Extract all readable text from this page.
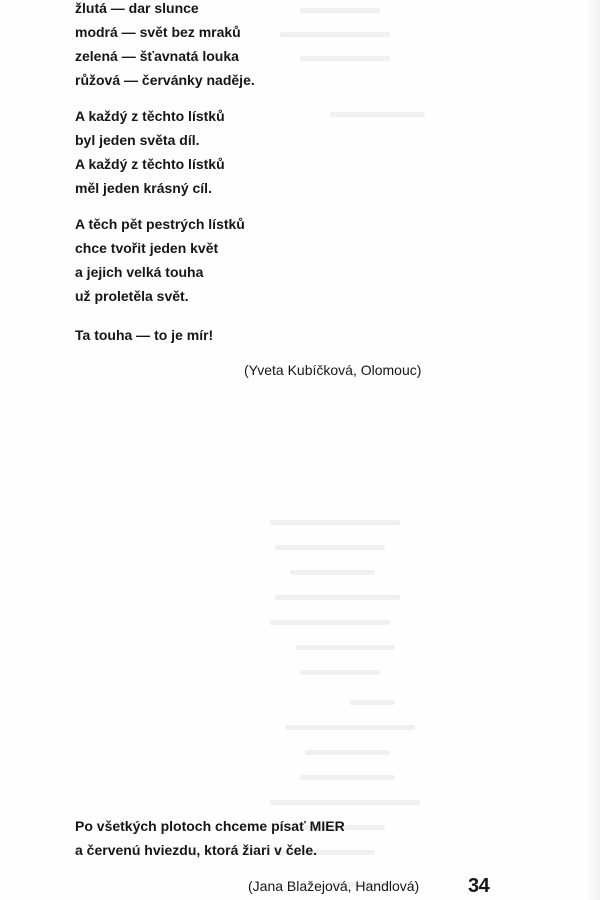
žlutá — dar slunce
modrá — svět bez mraků
zelená — šťavnatá louka
růžová — červánky naděje.
A každý z těchto lístků
byl jeden světa díl.
A každý z těchto lístků
měl jeden krásný cíl.
A těch pět pestrých lístků
chce tvořit jeden květ
a jejich velká touha
už proletěla svět.
Ta touha — to je mír!
(Yveta Kubíčková, Olomouc)
Po všetkých plotoch chceme písať MIER
a červenú hviezdu, ktorá žiari v čele.
(Jana Blažejová, Handlová) 34
